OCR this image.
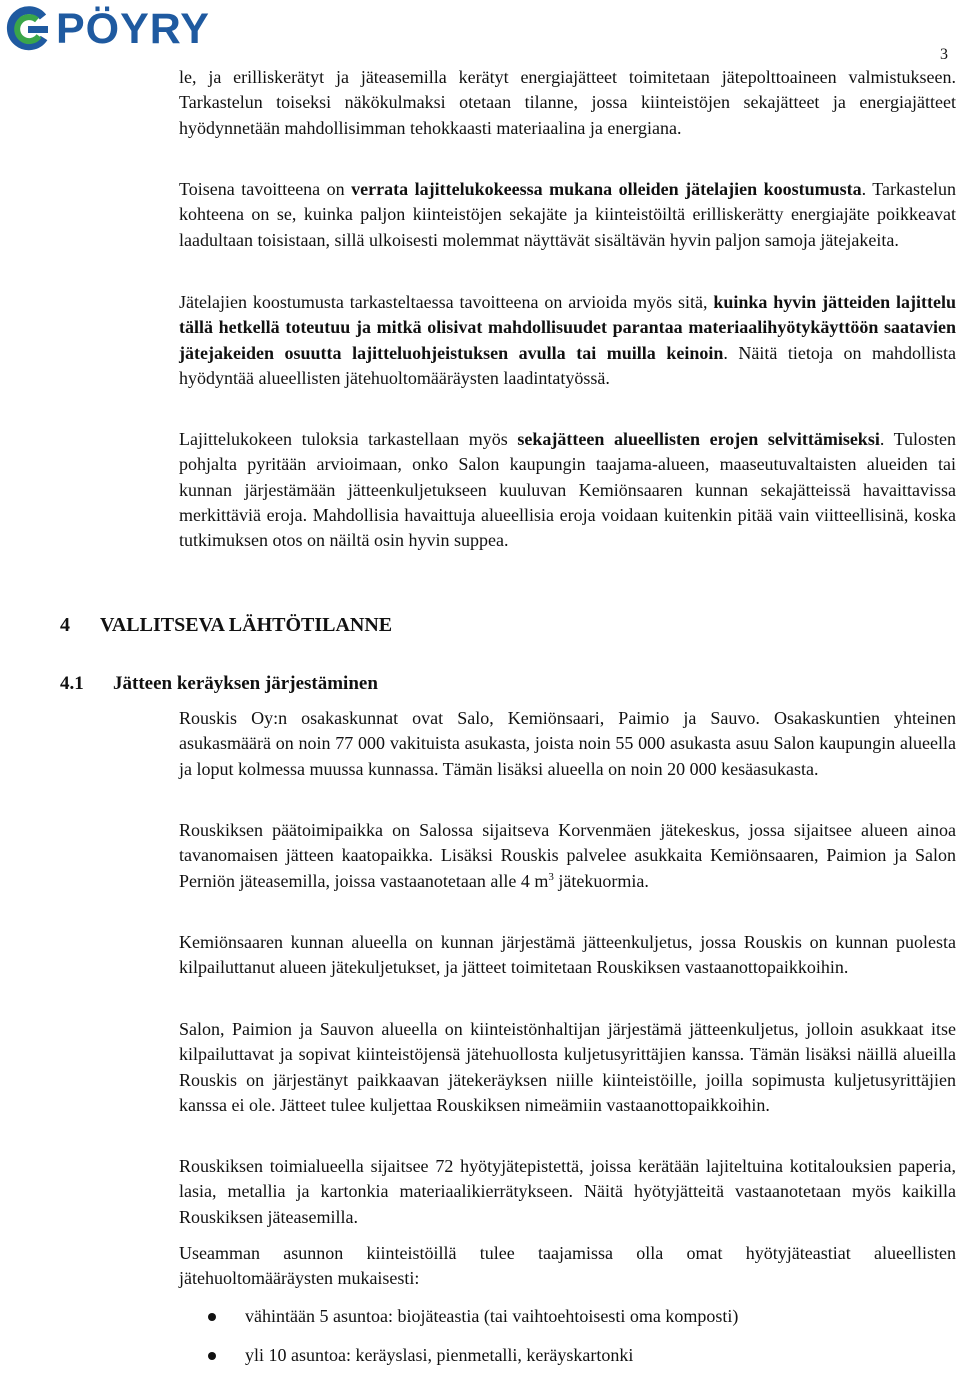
PÖYRY
3

le, ja erilliskerätyt ja jäteasemilla kerätyt energiajätteet toimitetaan jätepolttoaineen valmistukseen. Tarkastelun toiseksi näkökulmaksi otetaan tilanne, jossa kiinteistöjen sekajätteet ja energiajätteet hyödynnetään mahdollisimman tehokkaasti materiaalina ja energiana.

Toisena tavoitteena on verrata lajittelukokeessa mukana olleiden jätelajien koostumusta. Tarkastelun kohteena on se, kuinka paljon kiinteistöjen sekajäte ja kiinteistöiltä erilliskerätty energiajäte poikkeavat laadultaan toisistaan, sillä ulkoisesti molemmat näyttävät sisältävän hyvin paljon samoja jätejakeita.

Jätelajien koostumusta tarkasteltaessa tavoitteena on arvioida myös sitä, kuinka hyvin jätteiden lajittelu tällä hetkellä toteutuu ja mitkä olisivat mahdollisuudet parantaa materiaalihyötykäyttöön saatavien jätejakeiden osuutta lajitteluohjeistuksen avulla tai muilla keinoin. Näitä tietoja on mahdollista hyödyntää alueellisten jätehuoltomääräysten laadintatyössä.

Lajittelukokeen tuloksia tarkastellaan myös sekajätteen alueellisten erojen selvittämiseksi. Tulosten pohjalta pyritään arvioimaan, onko Salon kaupungin taajama-alueen, maaseutuvaltaisten alueiden tai kunnan järjestämään jätteenkuljetukseen kuuluvan Kemiönsaaren kunnan sekajätteissä havaittavissa merkittäviä eroja. Mahdollisia havaittuja alueellisia eroja voidaan kuitenkin pitää vain viitteellisinä, koska tutkimuksen otos on näiltä osin hyvin suppea.

4 VALLITSEVA LÄHTÖTILANNE
4.1 Jätteen keräyksen järjestäminen

Rouskis Oy:n osakaskunnat ovat Salo, Kemiönsaari, Paimio ja Sauvo. Osakaskuntien yhteinen asukasmäärä on noin 77 000 vakituista asukasta, joista noin 55 000 asukasta asuu Salon kaupungin alueella ja loput kolmessa muussa kunnassa. Tämän lisäksi alueella on noin 20 000 kesäasukasta.

Rouskiksen päätoimipaikka on Salossa sijaitseva Korvenmäen jätekeskus, jossa sijaitsee alueen ainoa tavanomaisen jätteen kaatopaikka. Lisäksi Rouskis palvelee asukkaita Kemiönsaaren, Paimion ja Salon Perniön jäteasemilla, joissa vastaanotetaan alle 4 $m^3$ jätekuormia.

Kemiönsaaren kunnan alueella on kunnan järjestämä jätteenkuljetus, jossa Rouskis on kunnan puolesta kilpailuttanut alueen jätekuljetukset, ja jätteet toimitetaan Rouskiksen vastaanottopaikkoihin.

Salon, Paimion ja Sauvon alueella on kiinteistönhaltijan järjestämä jätteenkuljetus, jolloin asukkaat itse kilpailuttavat ja sopivat kiinteistöjensä jätehuollosta kuljetusyrittäjien kanssa. Tämän lisäksi näillä alueilla Rouskis on järjestänyt paikkaavan jätekeräyksen niille kiinteistöille, joilla sopimusta kuljetusyrittäjien kanssa ei ole. Jätteet tulee kuljettaa Rouskiksen nimeämiin vastaanottopaikkoihin.

Rouskiksen toimialueella sijaitsee 72 hyötyjätepistettä, joissa kerätään lajiteltuina kotitalouksien paperia, lasia, metallia ja kartonkia materiaalikierrätykseen. Näitä hyötyjätteitä vastaanotetaan myös kaikilla Rouskiksen jäteasemilla.

Useamman asunnon kiinteistöillä tulee taajamissa olla omat hyötyjäteastiat alueellisten jätehuoltomääräysten mukaisesti:

vähintään 5 asuntoa: biojäteastia (tai vaihtoehtoisesti oma komposti)
yli 10 asuntoa: keräyslasi, pienmetalli, keräyskartonki
